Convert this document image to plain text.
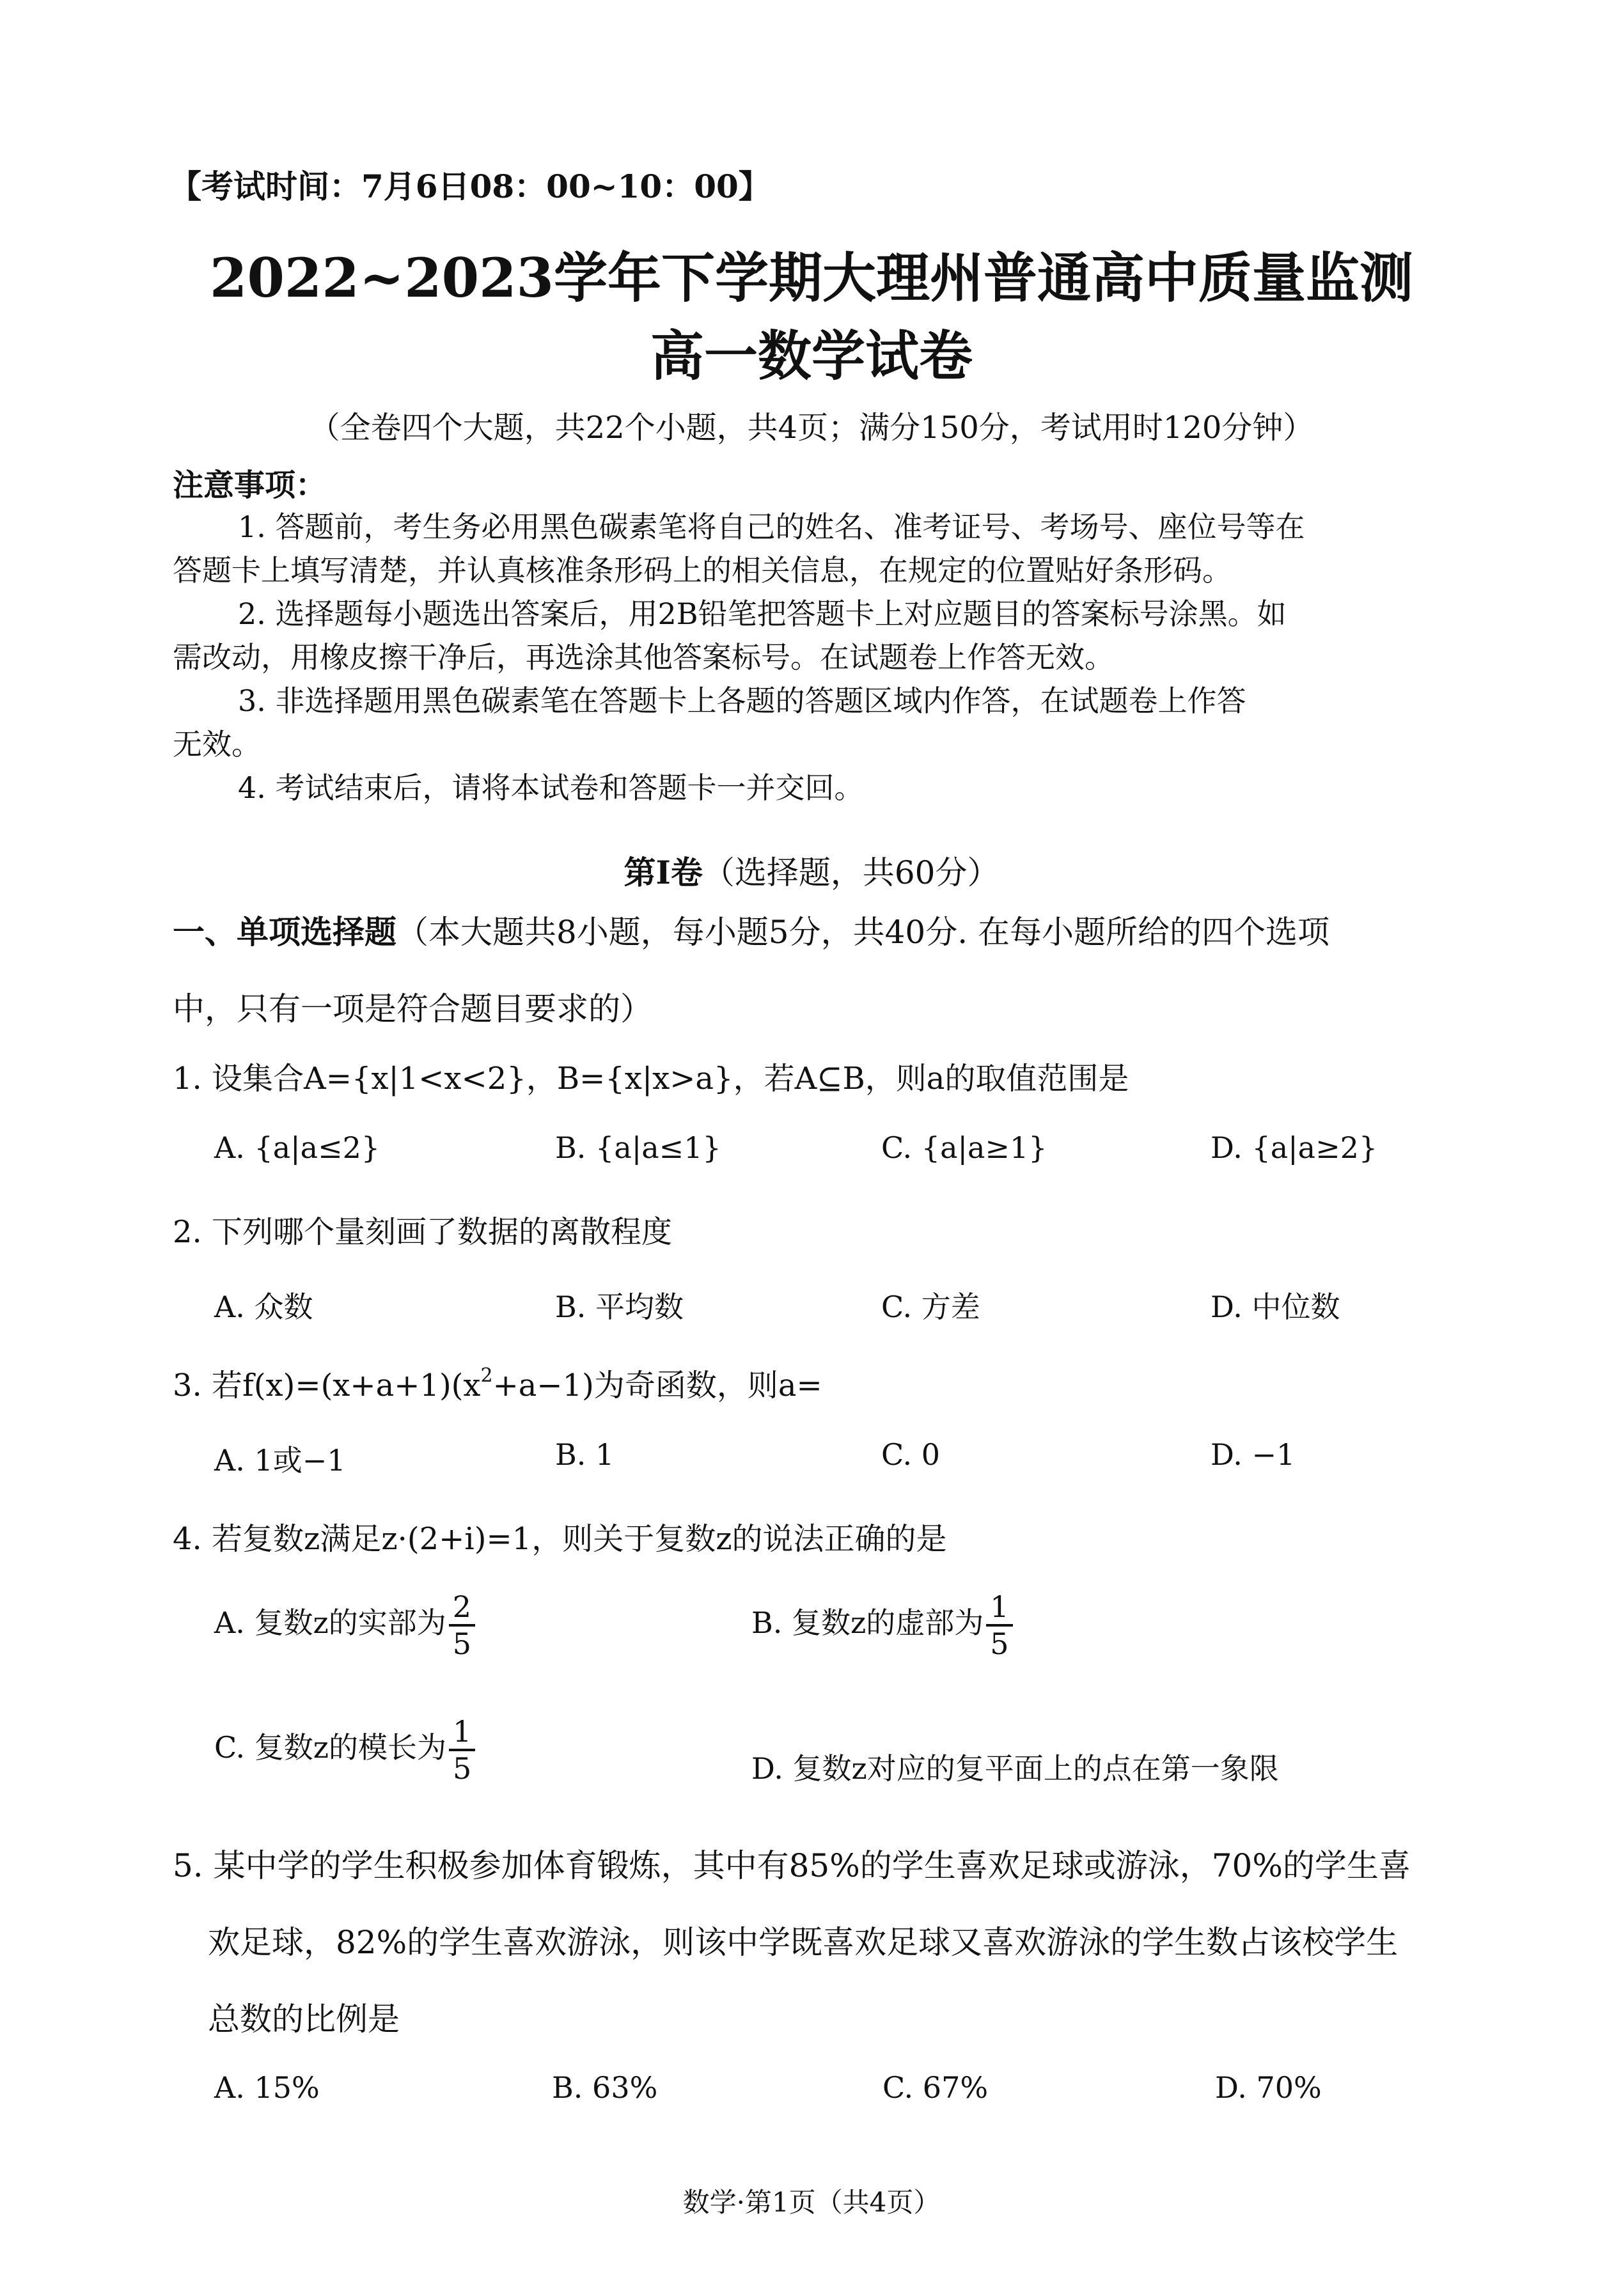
【考试时间：7月6日08：00~10：00】
2022~2023学年下学期大理州普通高中质量监测
高一数学试卷
（全卷四个大题，共22个小题，共4页；满分150分，考试用时120分钟）
注意事项：
1. 答题前，考生务必用黑色碳素笔将自己的姓名、准考证号、考场号、座位号等在
答题卡上填写清楚，并认真核准条形码上的相关信息，在规定的位置贴好条形码。
2. 选择题每小题选出答案后，用2B铅笔把答题卡上对应题目的答案标号涂黑。如
需改动，用橡皮擦干净后，再选涂其他答案标号。在试题卷上作答无效。
3. 非选择题用黑色碳素笔在答题卡上各题的答题区域内作答，在试题卷上作答
无效。
4. 考试结束后，请将本试卷和答题卡一并交回。
第Ⅰ卷（选择题，共60分）
一、单项选择题（本大题共8小题，每小题5分，共40分. 在每小题所给的四个选项
中，只有一项是符合题目要求的）
1. 设集合A={x|1<x<2}，B={x|x>a}，若A⊆B，则a的取值范围是
A. {a|a≤2}	B. {a|a≤1}	C. {a|a≥1}	D. {a|a≥2}
2. 下列哪个量刻画了数据的离散程度
A. 众数	B. 平均数	C. 方差	D. 中位数
3. 若$f(x)=(x+a+1)(x^2+a-1)$为奇函数，则a=
A. 1或−1	B. 1	C. 0	D. −1
4. 若复数z满足z·(2+i)=1，则关于复数z的说法正确的是
A. 复数z的实部为 $\frac{2}{5}$	B. 复数z的虚部为 $\frac{1}{5}$
C. 复数z的模长为 $\frac{1}{5}$	D. 复数z对应的复平面上的点在第一象限
5. 某中学的学生积极参加体育锻炼，其中有85%的学生喜欢足球或游泳，70%的学生喜
欢足球，82%的学生喜欢游泳，则该中学既喜欢足球又喜欢游泳的学生数占该校学生
总数的比例是
A. 15%	B. 63%	C. 67%	D. 70%
数学·第1页（共4页）
